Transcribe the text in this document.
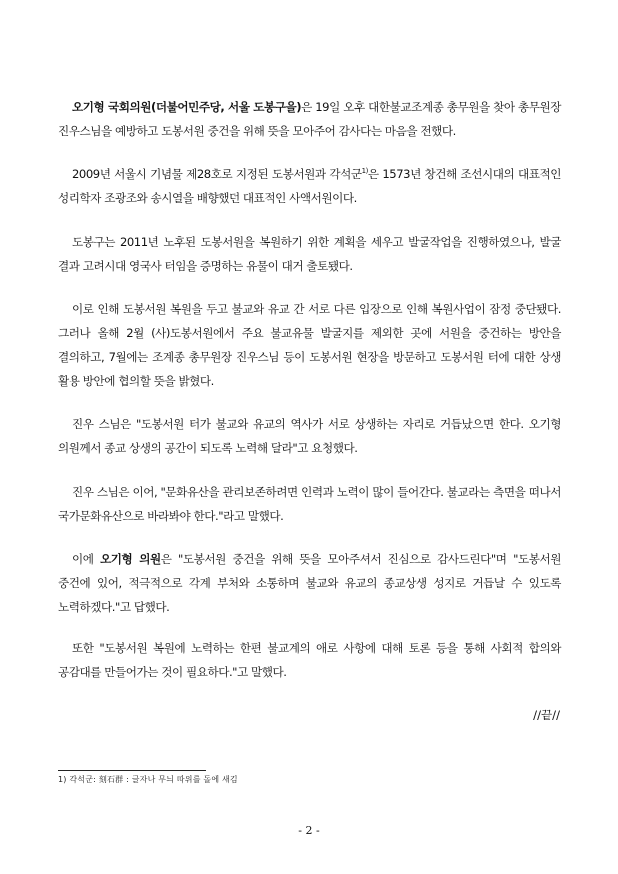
오기형 국회의원(더불어민주당, 서울 도봉구을)은 19일 오후 대한불교조계종 총무원을 찾아 총무원장 진우스님을 예방하고 도봉서원 중건을 위해 뜻을 모아주어 감사다는 마음을 전했다.

2009년 서울시 기념물 제28호로 지정된 도봉서원과 각석군$^{1)}$은 1573년 창건해 조선시대의 대표적인 성리학자 조광조와 송시열을 배향했던 대표적인 사액서원이다.

도봉구는 2011년 노후된 도봉서원을 복원하기 위한 계획을 세우고 발굴작업을 진행하였으나, 발굴 결과 고려시대 영국사 터임을 증명하는 유물이 대거 출토됐다.

이로 인해 도봉서원 복원을 두고 불교와 유교 간 서로 다른 입장으로 인해 복원사업이 잠정 중단됐다. 그러나 올해 2월 (사)도봉서원에서 주요 불교유물 발굴지를 제외한 곳에 서원을 중건하는 방안을 결의하고, 7월에는 조계종 총무원장 진우스님 등이 도봉서원 현장을 방문하고 도봉서원 터에 대한 상생 활용 방안에 협의할 뜻을 밝혔다.

진우 스님은 "도봉서원 터가 불교와 유교의 역사가 서로 상생하는 자리로 거듭났으면 한다. 오기형 의원께서 종교 상생의 공간이 되도록 노력해 달라"고 요청했다.

진우 스님은 이어, "문화유산을 관리보존하려면 인력과 노력이 많이 들어간다. 불교라는 측면을 떠나서 국가문화유산으로 바라봐야 한다."라고 말했다.

이에 오기형 의원은 "도봉서원 중건을 위해 뜻을 모아주셔서 진심으로 감사드린다"며 "도봉서원 중건에 있어, 적극적으로 각계 부처와 소통하며 불교와 유교의 종교상생 성지로 거듭날 수 있도록 노력하겠다."고 답했다.

또한 "도봉서원 복원에 노력하는 한편 불교계의 애로 사항에 대해 토론 등을 통해 사회적 합의와 공감대를 만들어가는 것이 필요하다."고 말했다.

//끝//

1) 각석군: 刻石群 : 글자나 무늬 따위를 돌에 새김

- 2 -
